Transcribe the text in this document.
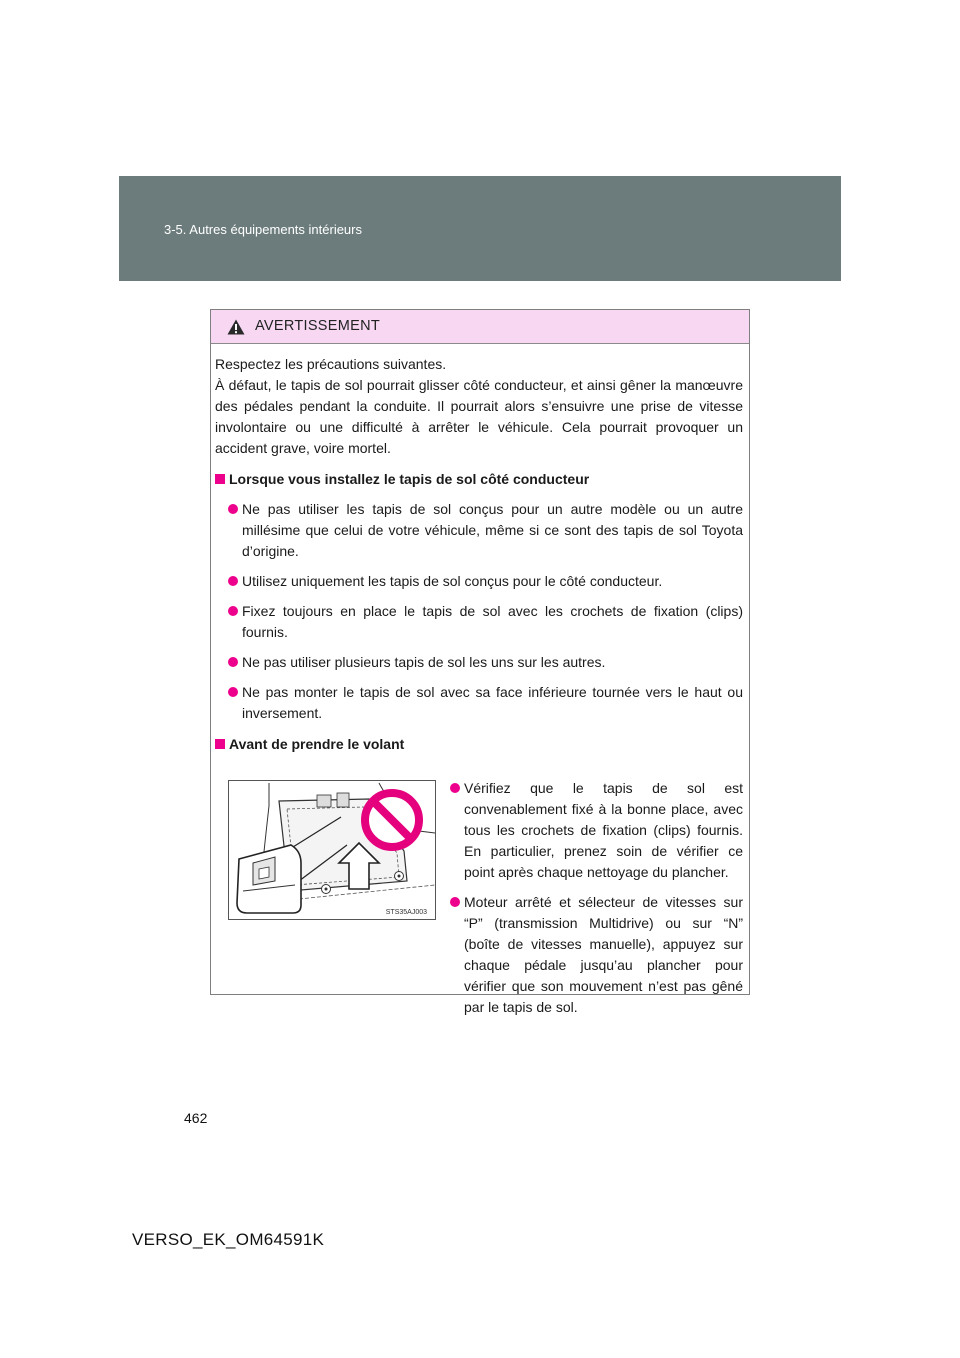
3-5. Autres équipements intérieurs
AVERTISSEMENT

Respectez les précautions suivantes.

À défaut, le tapis de sol pourrait glisser côté conducteur, et ainsi gêner la manœuvre des pédales pendant la conduite. Il pourrait alors s’ensuivre une prise de vitesse involontaire ou une difficulté à arrêter le véhicule. Cela pourrait provoquer un accident grave, voire mortel.

Lorsque vous installez le tapis de sol côté conducteur
Ne pas utiliser les tapis de sol conçus pour un autre modèle ou un autre millésime que celui de votre véhicule, même si ce sont des tapis de sol Toyota d’origine.
Utilisez uniquement les tapis de sol conçus pour le côté conducteur.
Fixez toujours en place le tapis de sol avec les crochets de fixation (clips) fournis.
Ne pas utiliser plusieurs tapis de sol les uns sur les autres.
Ne pas monter le tapis de sol avec sa face inférieure tournée vers le haut ou inversement.
Avant de prendre le volant
STS35AJ003
Vérifiez que le tapis de sol est convenablement fixé à la bonne place, avec tous les crochets de fixation (clips) fournis. En particulier, prenez soin de vérifier ce point après chaque nettoyage du plancher.
Moteur arrêté et sélecteur de vitesses sur “P” (transmission Multidrive) ou sur “N” (boîte de vitesses manuelle), appuyez sur chaque pédale jusqu’au plancher pour vérifier que son mouvement n’est pas gêné par le tapis de sol.
462
VERSO_EK_OM64591K
